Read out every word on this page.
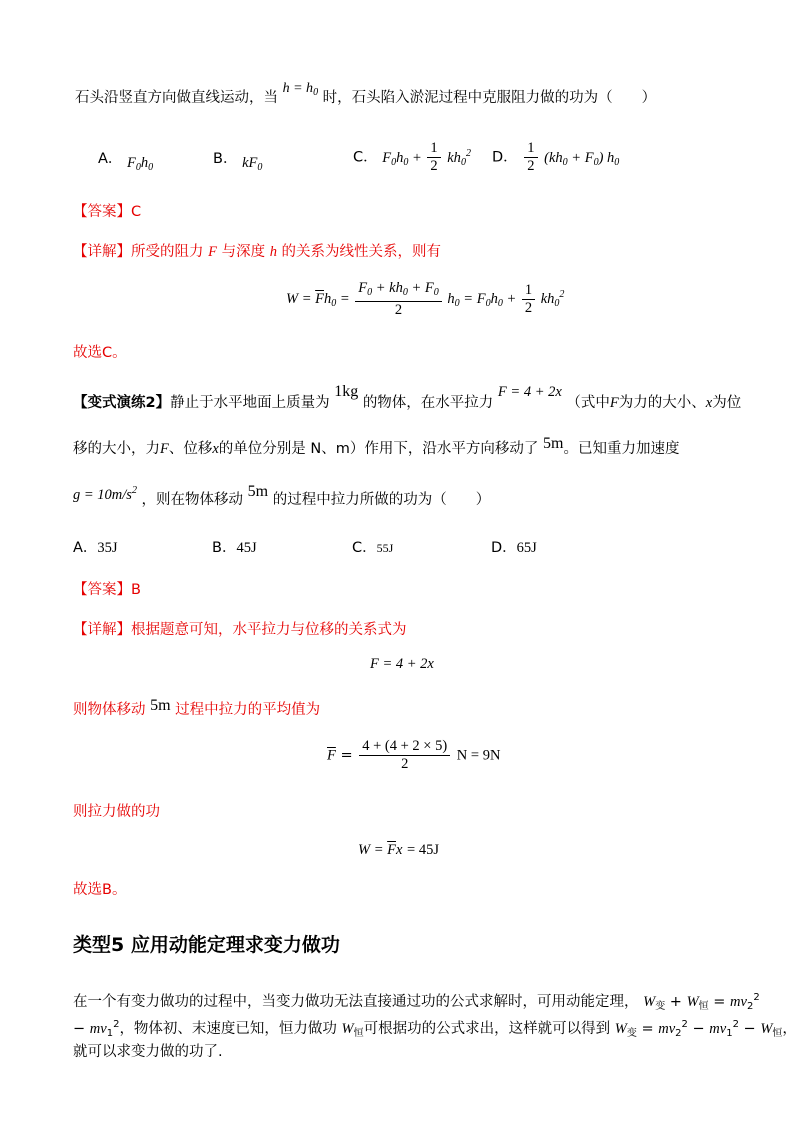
石头沿竖直方向做直线运动，当 $h = h_0$ 时，石头陷入淤泥过程中克服阻力做的功为（　　）
A． $F_0h_0$
B． $kF_0$
C． $F_0h_0 + \frac{1}{2} kh_0^2$ D． $\frac{1}{2} (kh_0 + F_0)$ $h_0$
【答案】C
【详解】所受的阻力 F 与深度 h 的关系为线性关系，则有
$W = \overline{F}h_0 = \frac{F_0 + kh_0 + F_0}{2} h_0 = F_0h_0 + \frac{1}{2} kh_0^2$
故选C。
【变式演练2】静止于水平地面上质量为 1kg 的物体，在水平拉力 F = 4 + 2x （式中F为力的大小、x为位
移的大小，力F、位移x的单位分别是 N、m）作用下，沿水平方向移动了 5m。已知重力加速度
$g = 10m/s^2$ ，则在物体移动 5m 的过程中拉力所做的功为（　　）
A．35J	B．45J	C．55J	D．65J
【答案】B
【详解】根据题意可知，水平拉力与位移的关系式为
F = 4 + 2x
则物体移动 5m 过程中拉力的平均值为
$\overline{F} = \frac{4 + (4 + 2 \times 5)}{2}$ N = 9N
则拉力做的功
$W = \overline{F}x = 45J$
故选B。
类型5 应用动能定理求变力做功
在一个有变力做功的过程中，当变力做功无法直接通过功的公式求解时，可用动能定理， $W_变 + W_恒 = mv_2^2$
− $mv_1^2$，物体初、末速度已知，恒力做功 $W_恒$可根据功的公式求出，这样就可以得到 $W_变 = mv_2^2 - mv_1^2 - W_恒$，
就可以求变力做的功了.
